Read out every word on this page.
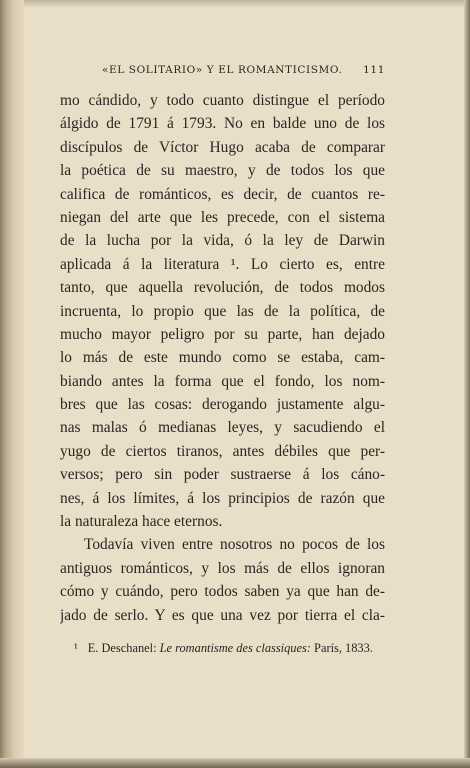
«EL SOLITARIO» Y EL ROMANTICISMO. 111
mo cándido, y todo cuanto distingue el período
álgido de 1791 á 1793. No en balde uno de los
discípulos de Víctor Hugo acaba de comparar
la poética de su maestro, y de todos los que
califica de románticos, es decir, de cuantos re-
niegan del arte que les precede, con el sistema
de la lucha por la vida, ó la ley de Darwin
aplicada á la literatura ¹. Lo cierto es, entre
tanto, que aquella revolución, de todos modos
incruenta, lo propio que las de la política, de
mucho mayor peligro por su parte, han dejado
lo más de este mundo como se estaba, cam-
biando antes la forma que el fondo, los nom-
bres que las cosas: derogando justamente algu-
nas malas ó medianas leyes, y sacudiendo el
yugo de ciertos tiranos, antes débiles que per-
versos; pero sin poder sustraerse á los cáno-
nes, á los límites, á los principios de razón que
la naturaleza hace eternos.
Todavía viven entre nosotros no pocos de los
antiguos románticos, y los más de ellos ignoran
cómo y cuándo, pero todos saben ya que han de-
jado de serlo. Y es que una vez por tierra el cla-
¹ E. Deschanel: Le romantisme des classiques: París, 1833.
